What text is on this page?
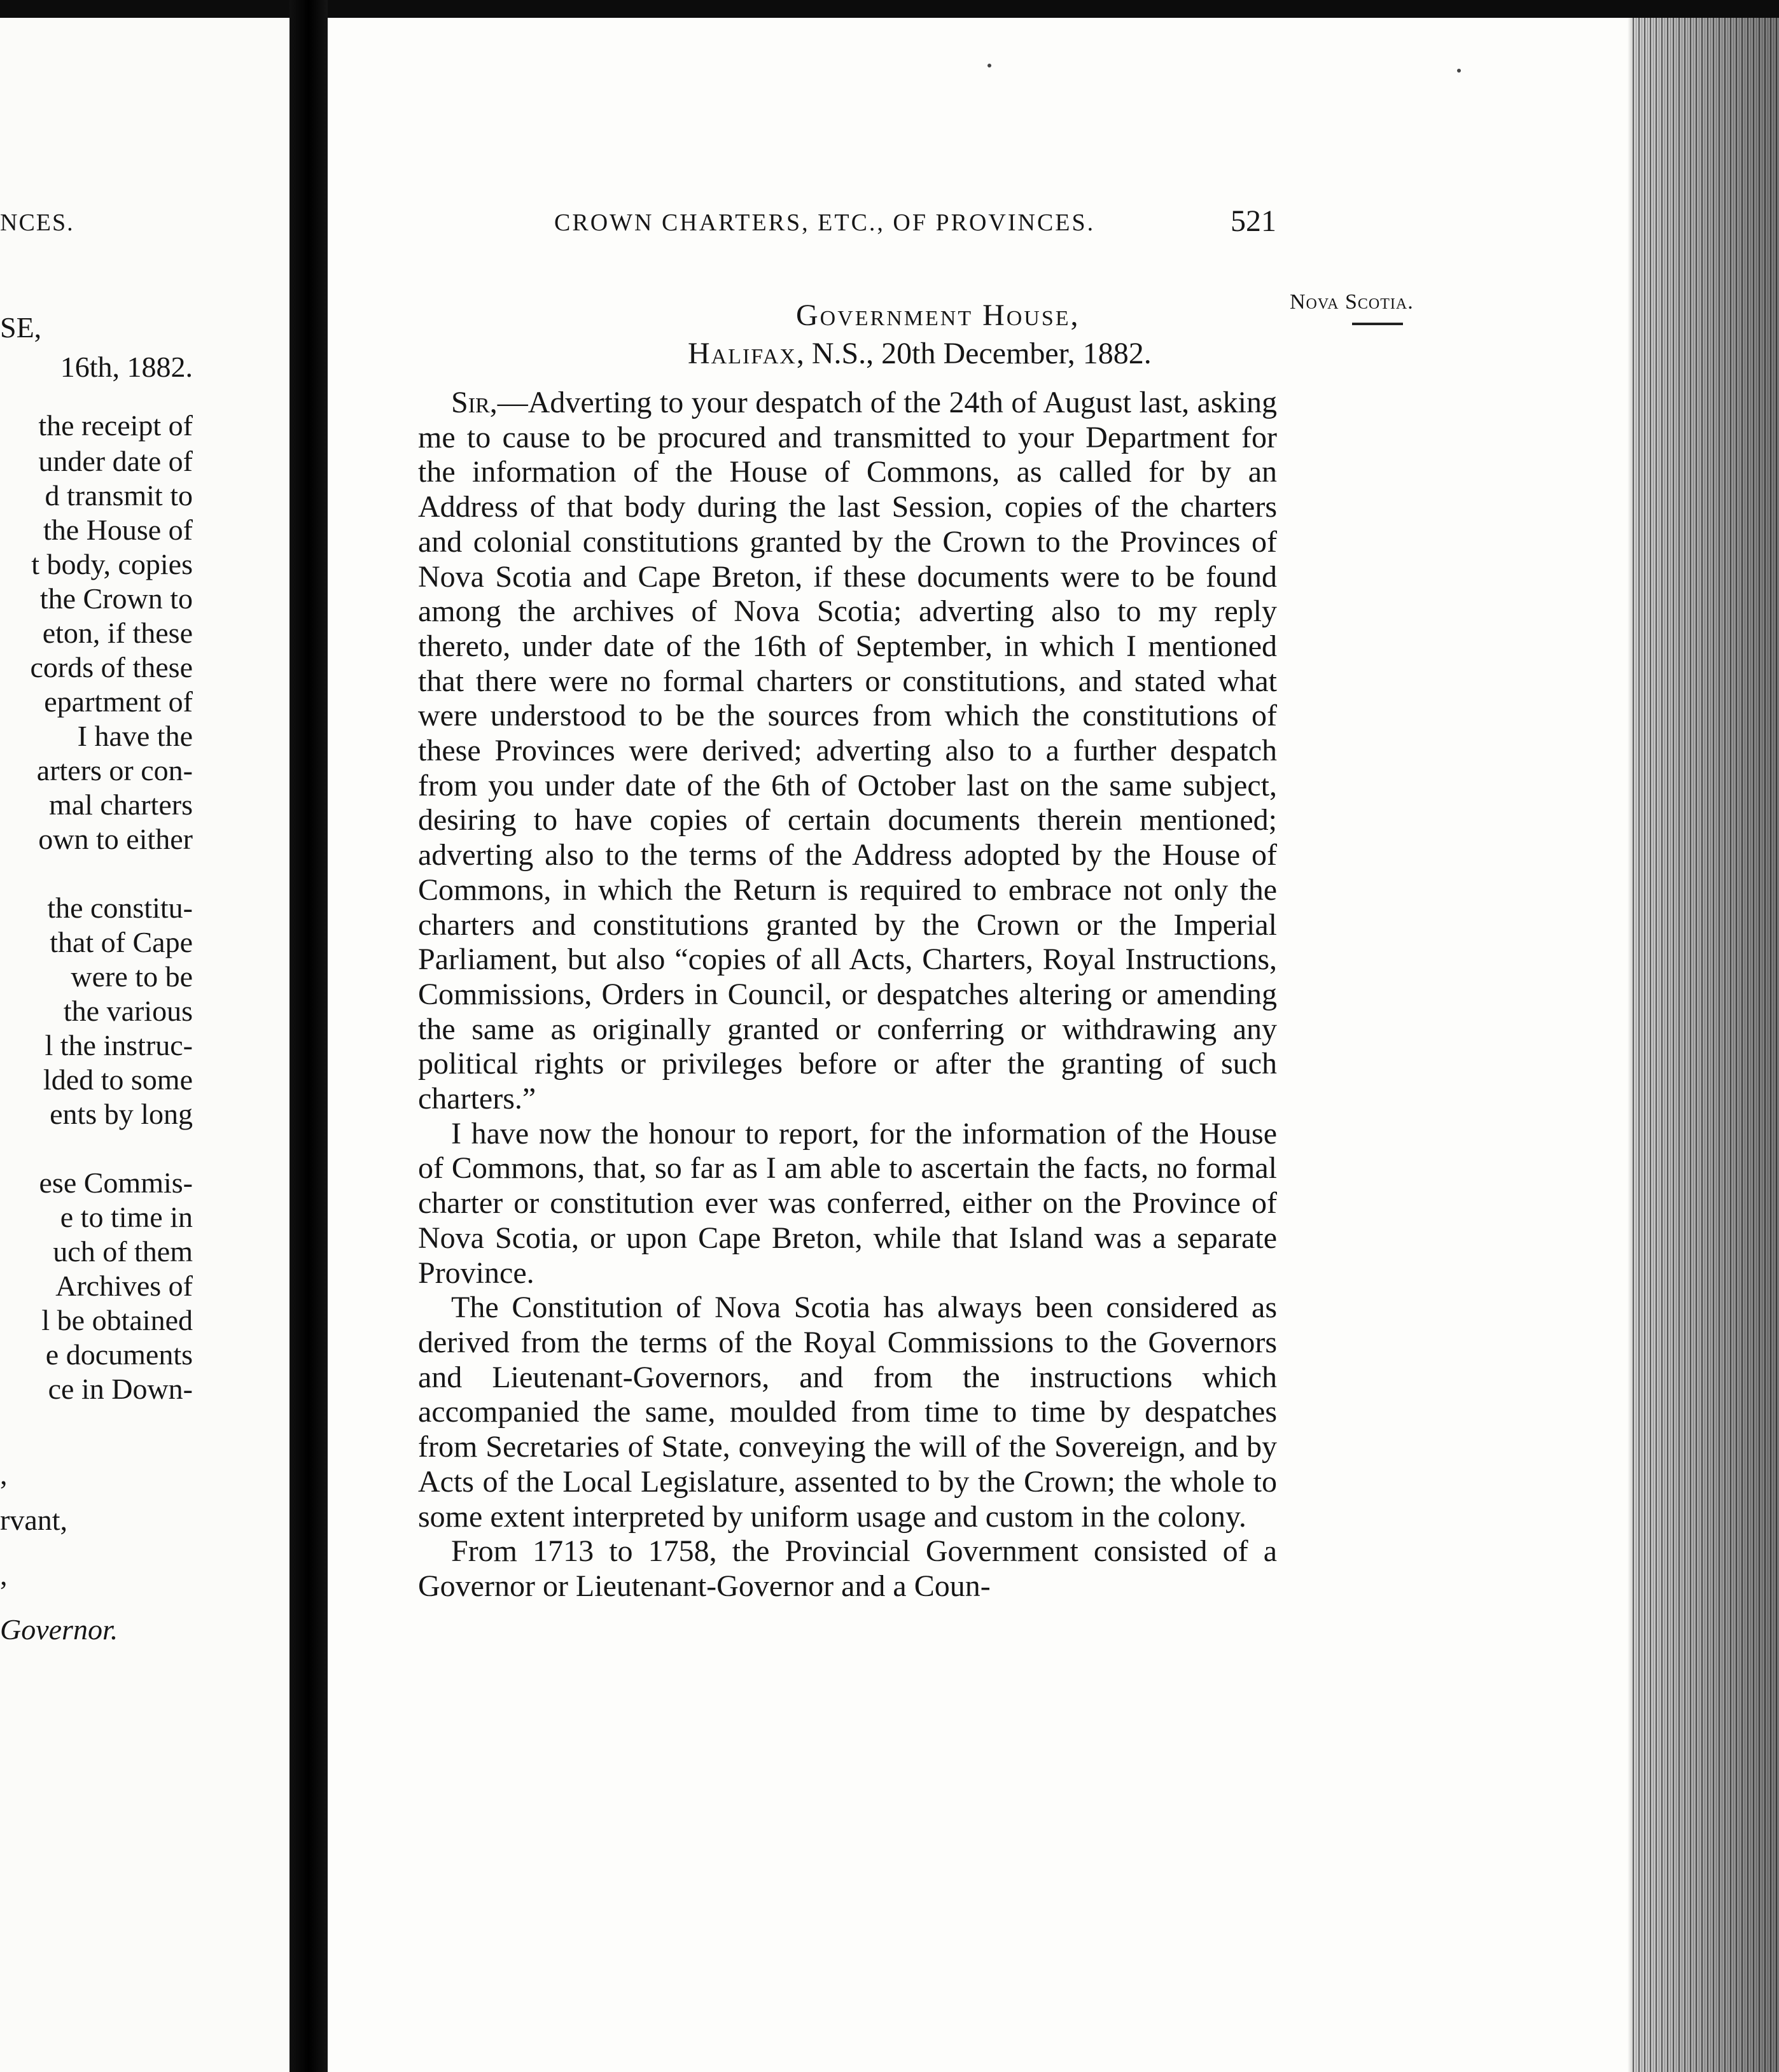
NCES.
SE,
16th, 1882.
the receipt of
under date of
d transmit to
the House of
t body, copies
the Crown to
eton, if these
cords of these
epartment of
I have the
arters or con-
mal charters
own to either
the constitu-
that of Cape
were to be
the various
l the instruc-
lded to some
ents by long
ese Commis-
e to time in
uch of them
Archives of
l be obtained
e documents
ce in Down-
,
rvant,
,
Governor.
CROWN CHARTERS, ETC., OF PROVINCES.	521
Nova Scotia.
Government House,
Halifax, N.S., 20th December, 1882.

Sir,—Adverting to your despatch of the 24th of August last, asking me to cause to be procured and transmitted to your Department for the information of the House of Commons, as called for by an Address of that body during the last Session, copies of the charters and colonial constitutions granted by the Crown to the Provinces of Nova Scotia and Cape Breton, if these documents were to be found among the archives of Nova Scotia; adverting also to my reply thereto, under date of the 16th of September, in which I mentioned that there were no formal charters or constitutions, and stated what were understood to be the sources from which the constitutions of these Provinces were derived; adverting also to a further despatch from you under date of the 6th of October last on the same subject, desiring to have copies of certain documents therein mentioned; adverting also to the terms of the Address adopted by the House of Commons, in which the Return is required to embrace not only the charters and constitutions granted by the Crown or the Imperial Parliament, but also “copies of all Acts, Charters, Royal Instructions, Commissions, Orders in Council, or despatches altering or amending the same as originally granted or conferring or withdrawing any political rights or privileges before or after the granting of such charters.”

I have now the honour to report, for the information of the House of Commons, that, so far as I am able to ascertain the facts, no formal charter or constitution ever was conferred, either on the Province of Nova Scotia, or upon Cape Breton, while that Island was a separate Province.

The Constitution of Nova Scotia has always been considered as derived from the terms of the Royal Commissions to the Governors and Lieutenant-Governors, and from the instructions which accompanied the same, moulded from time to time by despatches from Secretaries of State, conveying the will of the Sovereign, and by Acts of the Local Legislature, assented to by the Crown; the whole to some extent interpreted by uniform usage and custom in the colony.

From 1713 to 1758, the Provincial Government consisted of a Governor or Lieutenant-Governor and a Coun-
